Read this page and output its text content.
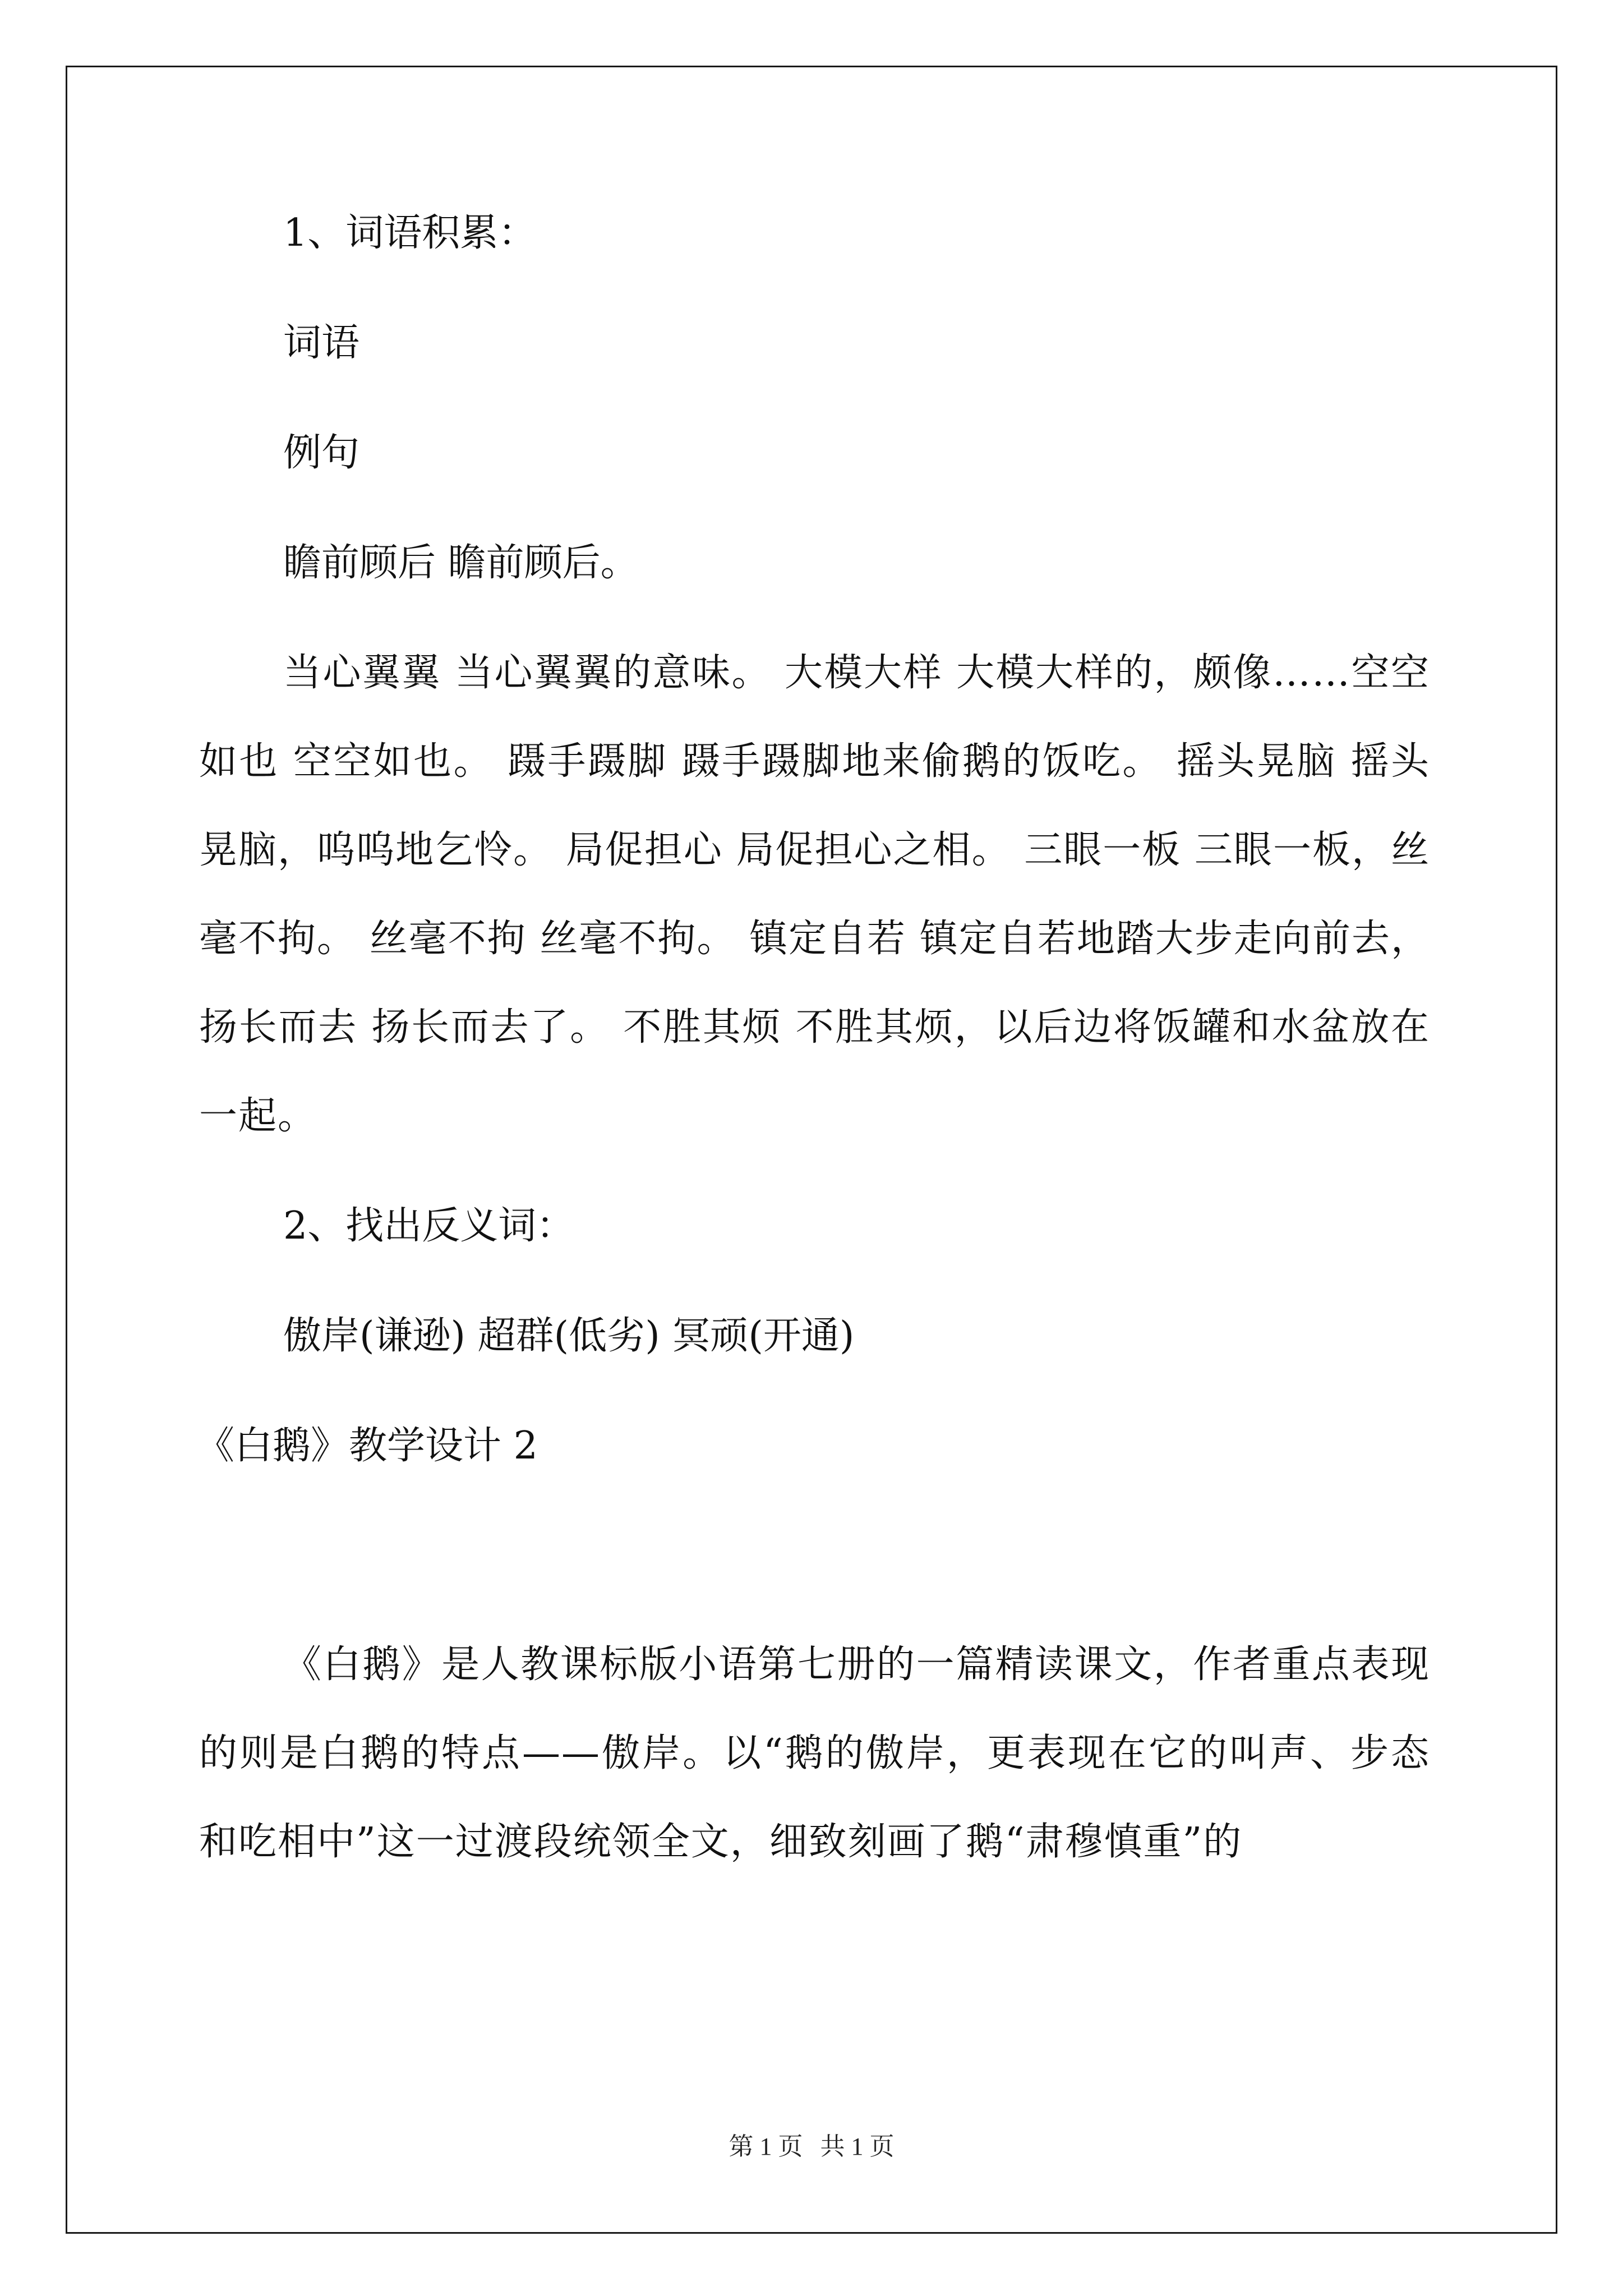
1、词语积累：
词语
例句
瞻前顾后 瞻前顾后。
当心翼翼 当心翼翼的意味。 大模大样 大模大样的，颇像……空空如也 空空如也。 蹑手蹑脚 蹑手蹑脚地来偷鹅的饭吃。 摇头晃脑 摇头晃脑，呜呜地乞怜。 局促担心 局促担心之相。 三眼一板 三眼一板，丝毫不拘。 丝毫不拘 丝毫不拘。 镇定自若 镇定自若地踏大步走向前去， 扬长而去 扬长而去了。 不胜其烦 不胜其烦，以后边将饭罐和水盆放在一起。
2、找出反义词：
傲岸(谦逊) 超群(低劣) 冥顽(开通)
《白鹅》教学设计 2
《白鹅》是人教课标版小语第七册的一篇精读课文，作者重点表现的则是白鹅的特点——傲岸。以“鹅的傲岸，更表现在它的叫声、步态和吃相中”这一过渡段统领全文，细致刻画了鹅“肃穆慎重”的
第 1 页 共 1 页
